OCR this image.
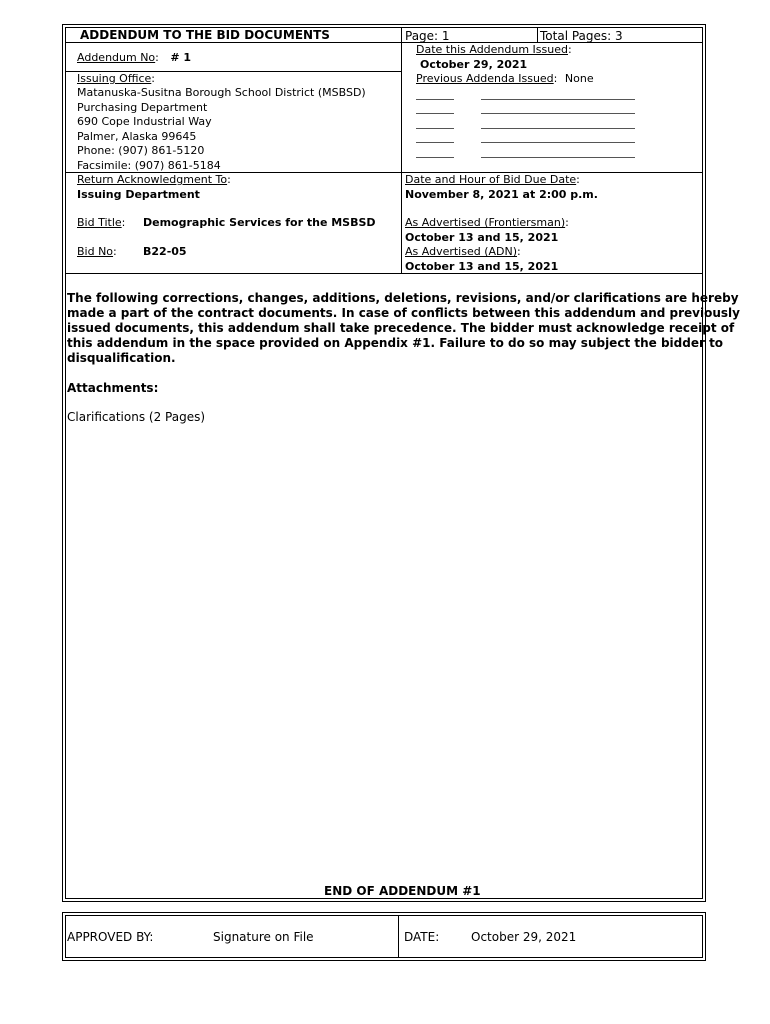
ADDENDUM TO THE BID DOCUMENTS	Page: 1	Total Pages: 3
Addendum No: # 1
Date this Addendum Issued:
October 29, 2021
Issuing Office:
Matanuska-Susitna Borough School District (MSBSD)
Purchasing Department
690 Cope Industrial Way
Palmer, Alaska 99645
Phone: (907) 861-5120
Facsimile: (907) 861-5184
Previous Addenda Issued: None
Return Acknowledgment To:
Issuing Department
Date and Hour of Bid Due Date:
November 8, 2021 at 2:00 p.m.
Bid Title: Demographic Services for the MSBSD
Bid No: B22-05
As Advertised (Frontiersman):
October 13 and 15, 2021
As Advertised (ADN):
October 13 and 15, 2021
The following corrections, changes, additions, deletions, revisions, and/or clarifications are hereby
made a part of the contract documents. In case of conflicts between this addendum and previously
issued documents, this addendum shall take precedence. The bidder must acknowledge receipt of
this addendum in the space provided on Appendix #1. Failure to do so may subject the bidder to
disqualification.
Attachments:
Clarifications (2 Pages)
END OF ADDENDUM #1
APPROVED BY:	Signature on File	DATE:	October 29, 2021
